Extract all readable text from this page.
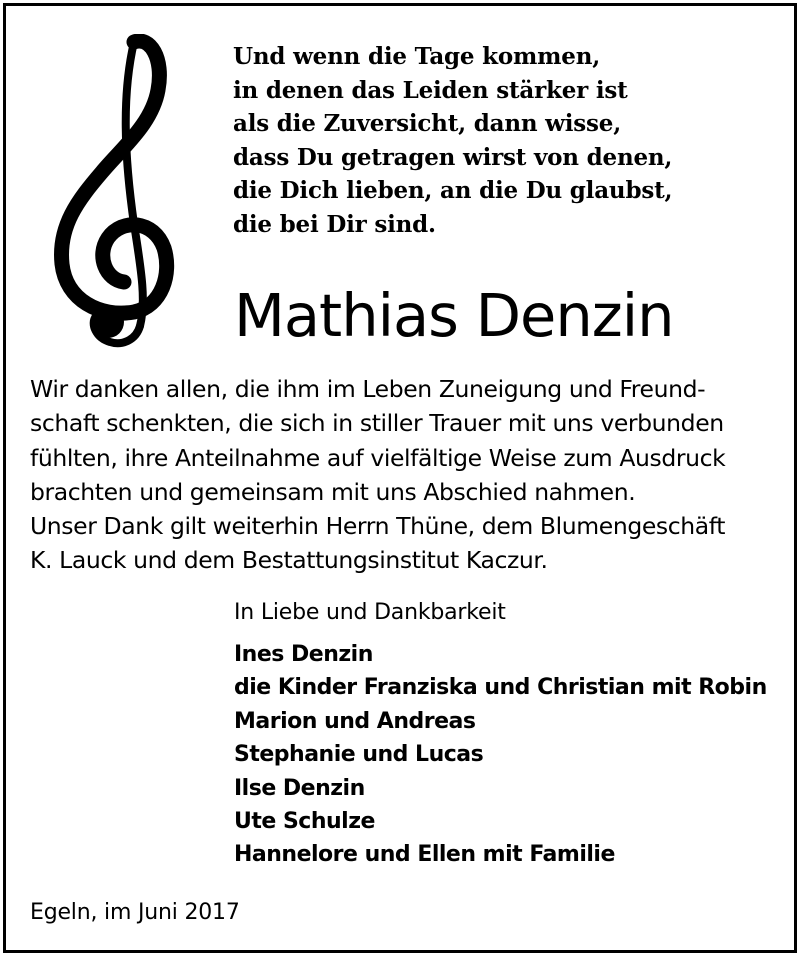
Und wenn die Tage kommen,
in denen das Leiden stärker ist
als die Zuversicht, dann wisse,
dass Du getragen wirst von denen,
die Dich lieben, an die Du glaubst,
die bei Dir sind.
Mathias Denzin
Wir danken allen, die ihm im Leben Zuneigung und Freund-
schaft schenkten, die sich in stiller Trauer mit uns verbunden
fühlten, ihre Anteilnahme auf vielfältige Weise zum Ausdruck
brachten und gemeinsam mit uns Abschied nahmen.
Unser Dank gilt weiterhin Herrn Thüne, dem Blumengeschäft
K. Lauck und dem Bestattungsinstitut Kaczur.

In Liebe und Dankbarkeit

Ines Denzin
die Kinder Franziska und Christian mit Robin
Marion und Andreas
Stephanie und Lucas
Ilse Denzin
Ute Schulze
Hannelore und Ellen mit Familie

Egeln, im Juni 2017
